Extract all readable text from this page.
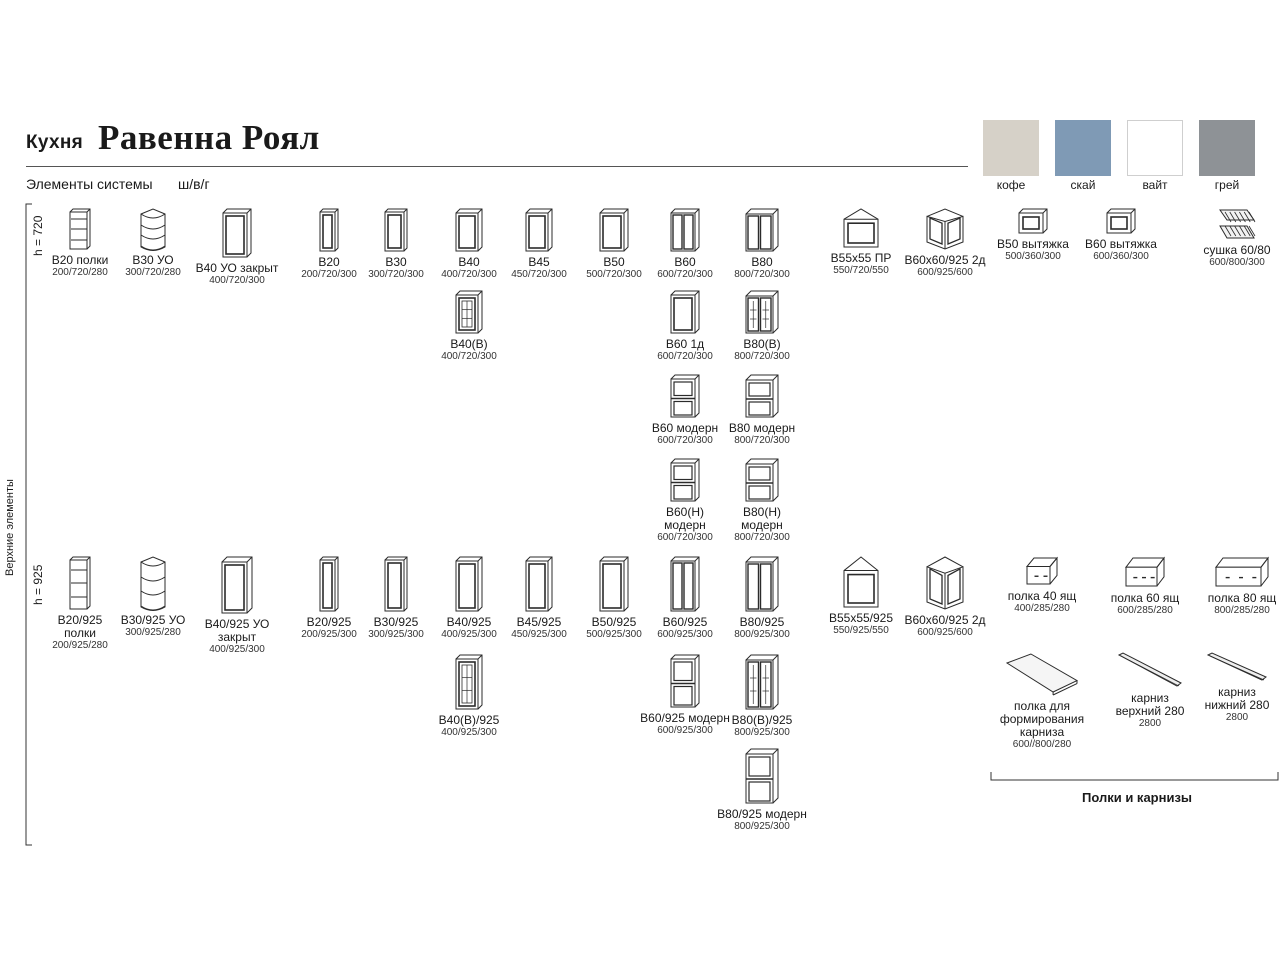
Кухня Равенна Роял
Элементы системы ш/в/г	кофе	скай	вайт	грей
h = 720
h = 925
Верхние элементы
Полки и карнизы
В20 полки
200/720/280
В30 УО
300/720/280	В40 УО закрыт
400/720/300
В20
200/720/300
В30
300/720/300
В40
400/720/300
В45
450/720/300
В50
500/720/300
В60
600/720/300
В80
800/720/300
В55х55 ПР
550/720/550
В60х60/925 2д
600/925/600
В50 вытяжка
500/360/300
В60 вытяжка
600/360/300	сушка 60/80
600/800/300
В40(В)
400/720/300
В60 1д
600/720/300
В80(В)
800/720/300
В60 модерн
600/720/300
В80 модерн
800/720/300
В60(Н)
модерн
600/720/300
В80(Н)
модерн
800/720/300
В20/925
полки
200/925/280
В30/925 УО
300/925/280
В40/925 УО
закрыт
400/925/300
В20/925
200/925/300
В30/925
300/925/300
В40/925
400/925/300
В45/925
450/925/300
В50/925
500/925/300
В60/925
600/925/300
В80/925
800/925/300
В55х55/925
550/925/550
В60х60/925 2д
600/925/600
полка 40 ящ
400/285/280
полка 60 ящ
600/285/280
полка 80 ящ
800/285/280
В40(В)/925
400/925/300
В60/925 модерн
600/925/300
В80(В)/925
800/925/300
полка для
формирования
карниза
600//800/280
карниз
верхний 280
2800
карниз
нижний 280
2800
В80/925 модерн
800/925/300
